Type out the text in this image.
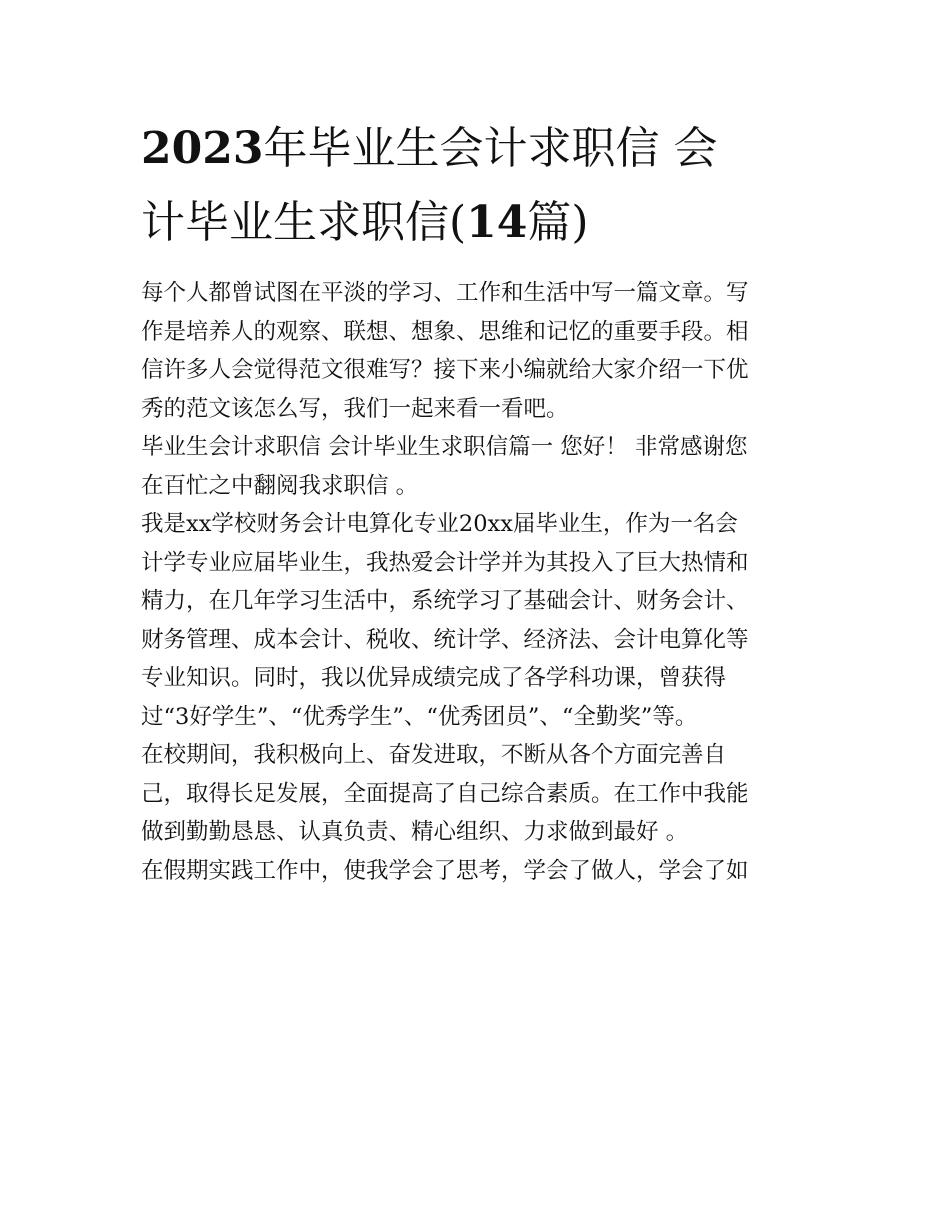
2023年毕业生会计求职信 会
计毕业生求职信(14篇)
每个人都曾试图在平淡的学习、工作和生活中写一篇文章。写
作是培养人的观察、联想、想象、思维和记忆的重要手段。相
信许多人会觉得范文很难写？接下来小编就给大家介绍一下优
秀的范文该怎么写，我们一起来看一看吧。
毕业生会计求职信 会计毕业生求职信篇一 您好！ 非常感谢您
在百忙之中翻阅我求职信 。
我是xx学校财务会计电算化专业20xx届毕业生，作为一名会
计学专业应届毕业生，我热爱会计学并为其投入了巨大热情和
精力，在几年学习生活中，系统学习了基础会计、财务会计、
财务管理、成本会计、税收、统计学、经济法、会计电算化等
专业知识。同时，我以优异成绩完成了各学科功课，曾获得
过“3好学生”、“优秀学生”、“优秀团员”、“全勤奖”等。
在校期间，我积极向上、奋发进取，不断从各个方面完善自
己，取得长足发展，全面提高了自己综合素质。在工作中我能
做到勤勤恳恳、认真负责、精心组织、力求做到最好 。
在假期实践工作中，使我学会了思考，学会了做人，学会了如
